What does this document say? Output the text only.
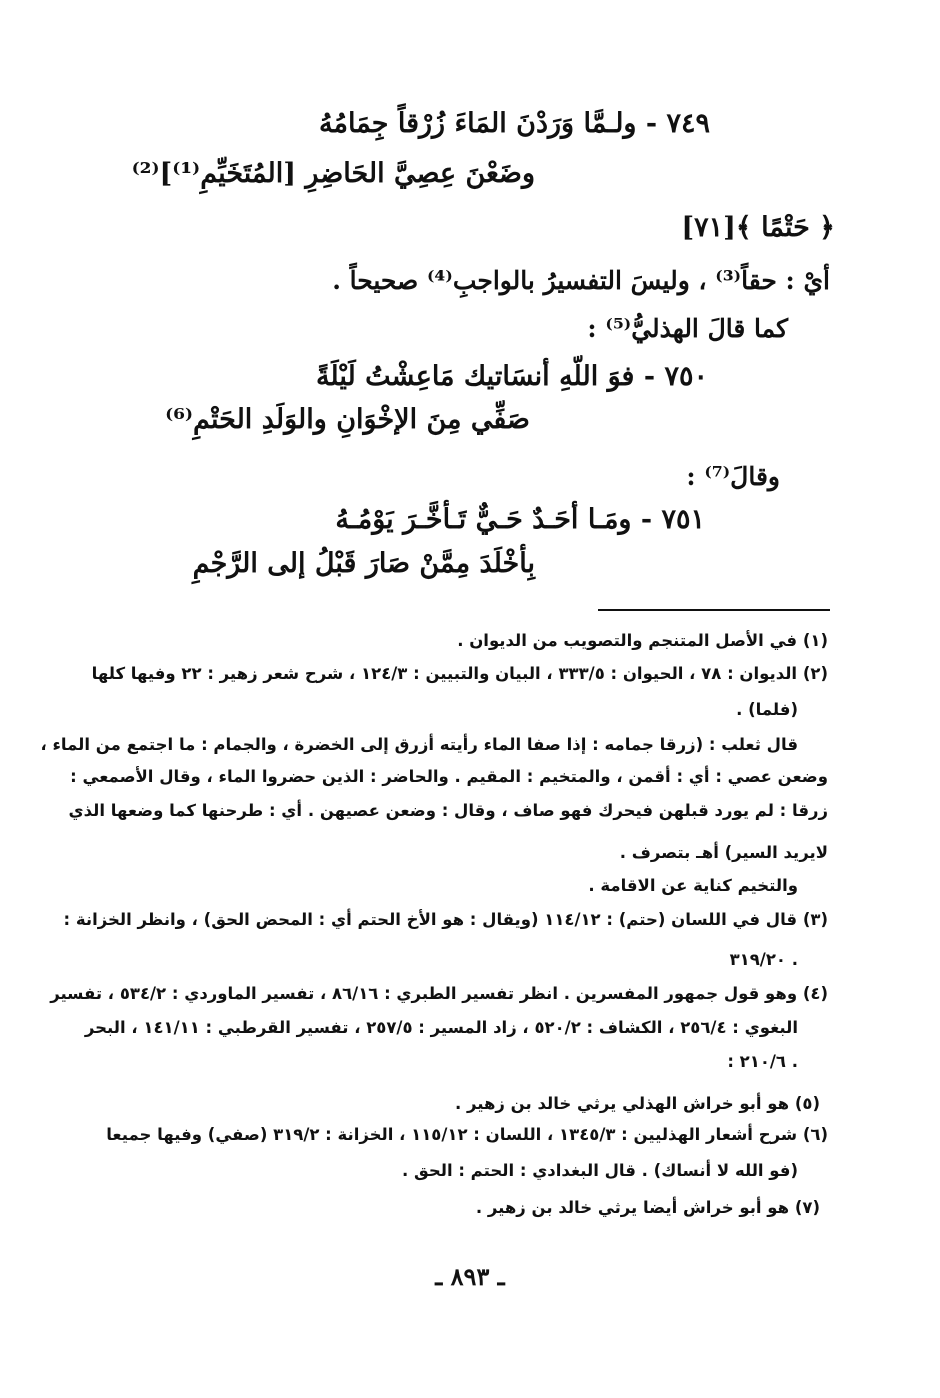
٧٤٩ - ولـمَّا وَرَدْنَ المَاءَ زُرْقاً جِمَامُهُ
وضَعْنَ عِصِيَّ الحَاضِرِ [المُتَخَيِّمِ⁽¹⁾]⁽²⁾
﴿ حَتْمًا ﴾[٧١]
أيْ : حقاً⁽³⁾ ، وليسَ التفسيرُ بالواجبِ⁽⁴⁾ صحيحاً .
كما قالَ الهذليُّ⁽⁵⁾ :
٧٥٠ - فوَ اللّهِ أنسَاتيك مَاعِشْتُ لَيْلَةً
صَفِّي مِنَ الإخْوَانِ والوَلَدِ الحَتْمِ⁽⁶⁾
وقالَ⁽⁷⁾ :
٧٥١ - ومَـا أحَـدٌ حَـيٌّ تَـأخَّـرَ يَوْمُـهُ
بِأخْلَدَ مِمَّنْ صَارَ قَبْلُ إلى الرَّجْمِ
(١) في الأصل المتنجم والتصويب من الديوان .
(٢) الديوان : ٧٨ ، الحيوان : ٣٣٣/٥ ، البيان والتبيين : ١٢٤/٣ ، شرح شعر زهير : ٢٢ وفيها كلها
(فلما) .
قال ثعلب : (زرقا جمامه : إذا صفا الماء رأيته أزرق إلى الخضرة ، والجمام : ما اجتمع من الماء ،
وضعن عصي : أي : أقمن ، والمتخيم : المقيم . والحاضر : الذين حضروا الماء ، وقال الأصمعي :
زرقا : لم يورد قبلهن فيحرك فهو صاف ، وقال : وضعن عصيهن . أي : طرحنها كما وضعها الذي
لايريد السير) أهـ بتصرف .
والتخيم كناية عن الاقامة .
(٣) قال في اللسان (حتم) : ١١٤/١٢ (ويقال : هو الأخ الحتم أي : المحض الحق) ، وانظر الخزانة :
٣١٩/٢٠ .
(٤) وهو قول جمهور المفسرين . انظر تفسير الطبري : ٨٦/١٦ ، تفسير الماوردي : ٥٣٤/٢ ، تفسير
البغوي : ٢٥٦/٤ ، الكشاف : ٥٢٠/٢ ، زاد المسير : ٢٥٧/٥ ، تفسير القرطبي : ١٤١/١١ ، البحر
: ٢١٠/٦ .
(٥) هو أبو خراش الهذلي يرثي خالد بن زهير .
(٦) شرح أشعار الهذليين : ١٣٤٥/٣ ، اللسان : ١١٥/١٢ ، الخزانة : ٣١٩/٢ (صفي) وفيها جميعا
(فو الله لا أنساك) . قال البغدادي : الحتم : الحق .
(٧) هو أبو خراش أيضا يرثي خالد بن زهير .
ـ ٨٩٣ ـ
